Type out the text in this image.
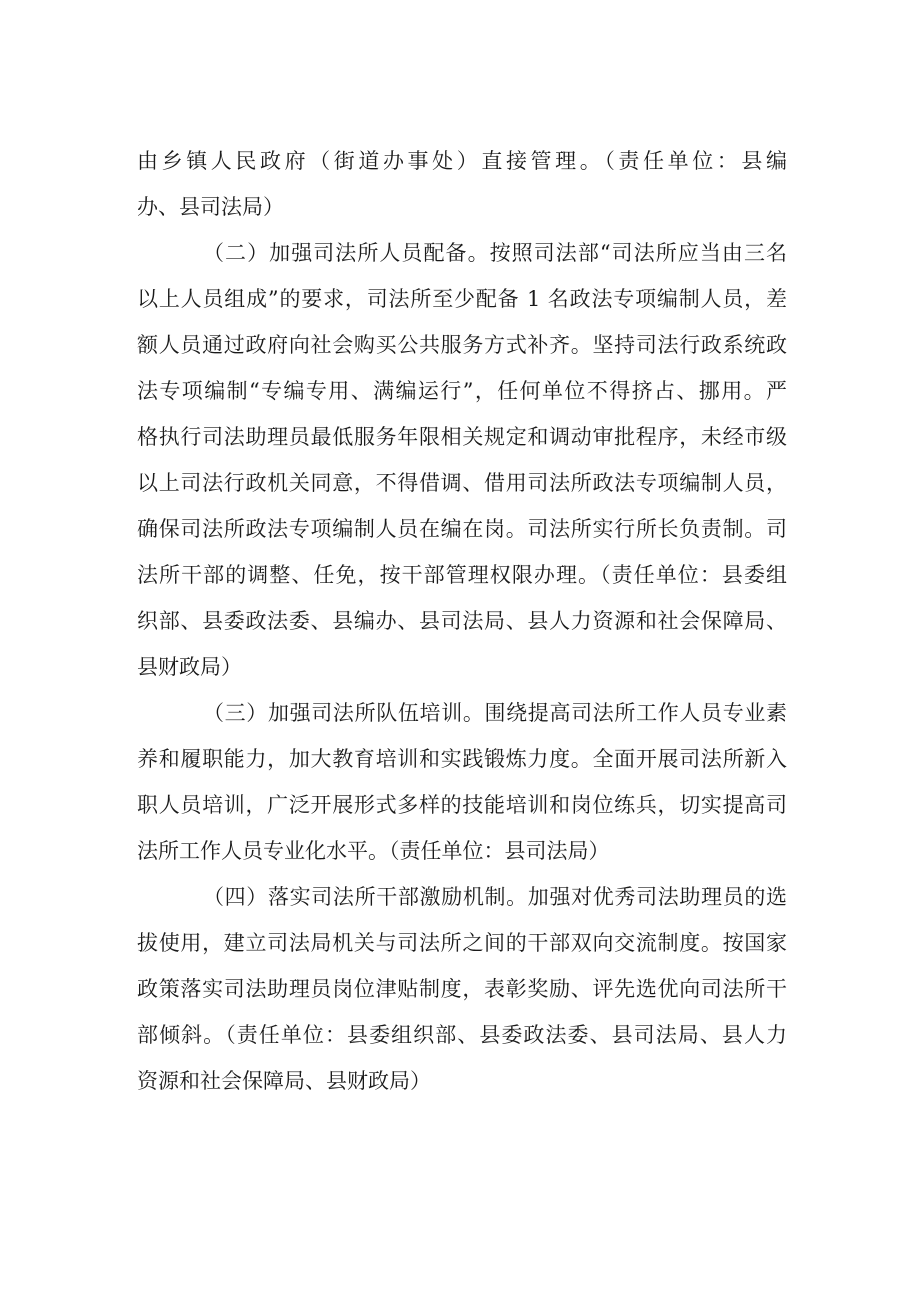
由乡镇人民政府（街道办事处）直接管理。（责任单位：县编
办、县司法局）
（二）加强司法所人员配备。按照司法部“司法所应当由三名
以上人员组成”的要求，司法所至少配备 1 名政法专项编制人员，差
额人员通过政府向社会购买公共服务方式补齐。坚持司法行政系统政
法专项编制“专编专用、满编运行”，任何单位不得挤占、挪用。严
格执行司法助理员最低服务年限相关规定和调动审批程序，未经市级
以上司法行政机关同意，不得借调、借用司法所政法专项编制人员，
确保司法所政法专项编制人员在编在岗。司法所实行所长负责制。司
法所干部的调整、任免，按干部管理权限办理。（责任单位：县委组
织部、县委政法委、县编办、县司法局、县人力资源和社会保障局、
县财政局）
（三）加强司法所队伍培训。围绕提高司法所工作人员专业素
养和履职能力，加大教育培训和实践锻炼力度。全面开展司法所新入
职人员培训，广泛开展形式多样的技能培训和岗位练兵，切实提高司
法所工作人员专业化水平。（责任单位：县司法局）
（四）落实司法所干部激励机制。加强对优秀司法助理员的选
拔使用，建立司法局机关与司法所之间的干部双向交流制度。按国家
政策落实司法助理员岗位津贴制度，表彰奖励、评先选优向司法所干
部倾斜。（责任单位：县委组织部、县委政法委、县司法局、县人力
资源和社会保障局、县财政局）
